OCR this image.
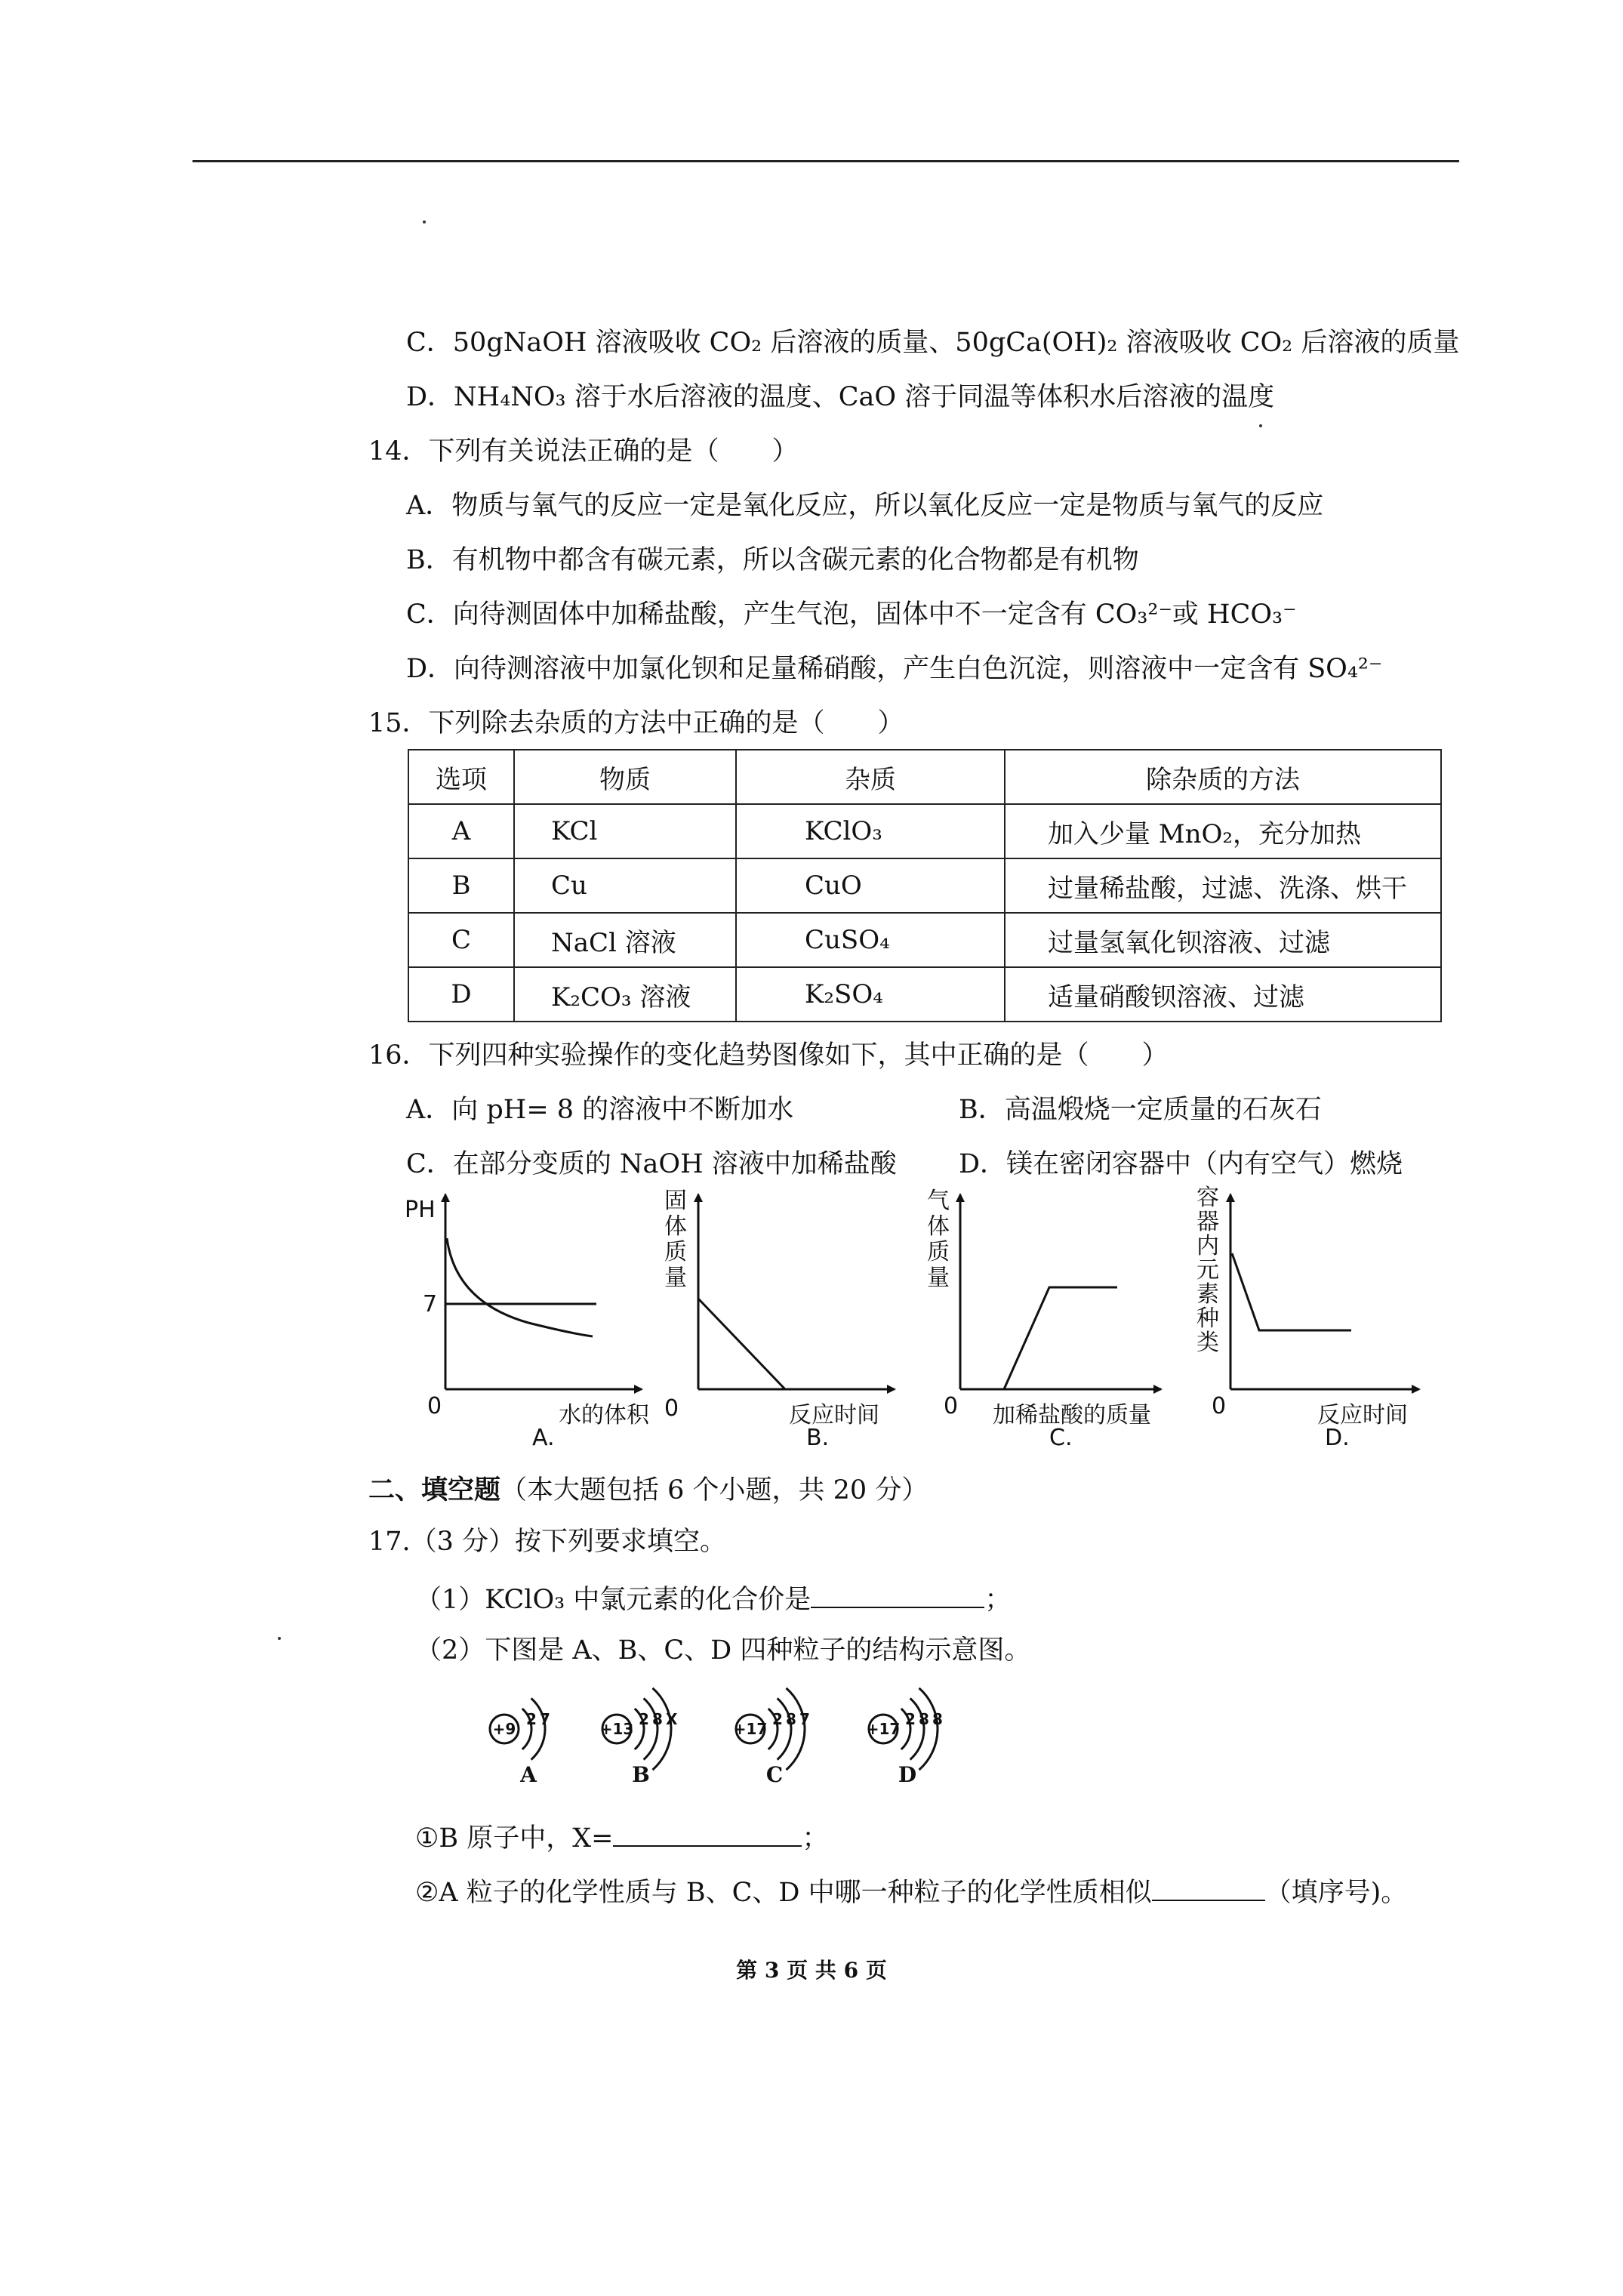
C．50gNaOH 溶液吸收 CO₂ 后溶液的质量、50gCa(OH)₂ 溶液吸收 CO₂ 后溶液的质量
D．NH₄NO₃ 溶于水后溶液的温度、CaO 溶于同温等体积水后溶液的温度
14．下列有关说法正确的是（　　）
A．物质与氧气的反应一定是氧化反应，所以氧化反应一定是物质与氧气的反应
B．有机物中都含有碳元素，所以含碳元素的化合物都是有机物
C．向待测固体中加稀盐酸，产生气泡，固体中不一定含有 CO₃²⁻或 HCO₃⁻
D．向待测溶液中加氯化钡和足量稀硝酸，产生白色沉淀，则溶液中一定含有 SO₄²⁻
15．下列除去杂质的方法中正确的是（　　）
选项	物质	杂质	除杂质的方法
A	KCl	KClO₃	加入少量 MnO₂，充分加热
B	Cu	CuO	过量稀盐酸，过滤、洗涤、烘干
C	NaCl 溶液	CuSO₄	过量氢氧化钡溶液、过滤
D	K₂CO₃ 溶液	K₂SO₄	适量硝酸钡溶液、过滤
16．下列四种实验操作的变化趋势图像如下，其中正确的是（　　）
A．向 pH= 8 的溶液中不断加水	B．高温煅烧一定质量的石灰石
C．在部分变质的 NaOH 溶液中加稀盐酸 D．镁在密闭容器中（内有空气）燃烧
PH
7
0	水的体积
A.
0	反应时间
B.
0 加稀盐酸的质量
C.
0	反应时间
D.
固体质量
气体质量
容器内元素种类
二、填空题（本大题包括 6 个小题，共 20 分）
17.（3 分）按下列要求填空。
（1）KClO₃ 中氯元素的化合价是	；
（2）下图是 A、B、C、D 四种粒子的结构示意图。
+9
2 7
A
+13
2 8 X
B
+17
2 8 7
C
+17
2 8 8
D
①B 原子中，X=	；
②A 粒子的化学性质与 B、C、D 中哪一种粒子的化学性质相似	（填序号)。
第 3 页 共 6 页
